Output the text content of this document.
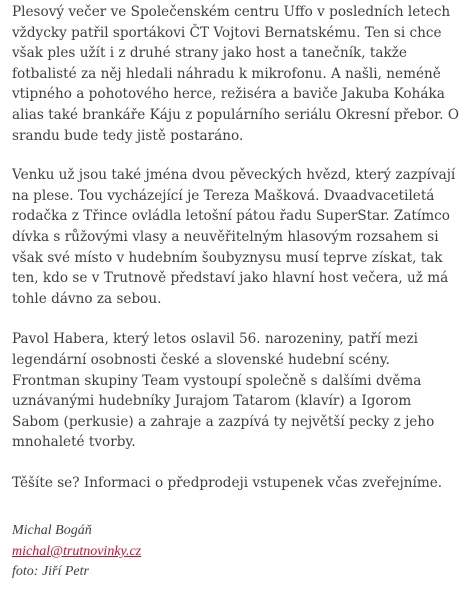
Plesový večer ve Společenském centru Uffo v posledních letech vždycky patřil sportákovi ČT Vojtovi Bernatskému. Ten si chce však ples užít i z druhé strany jako host a tanečník, takže fotbalisté za něj hledali náhradu k mikrofonu. A našli, neméně vtipného a pohotového herce, režiséra a baviče Jakuba Koháka alias také brankáře Káju z populárního seriálu Okresní přebor. O srandu bude tedy jistě postaráno.

Venku už jsou také jména dvou pěveckých hvězd, který zazpívají na plese. Tou vycházející je Tereza Mašková. Dvaadvacetiletá rodačka z Třince ovládla letošní pátou řadu SuperStar. Zatímco dívka s růžovými vlasy a neuvěřitelným hlasovým rozsahem si však své místo v hudebním šoubyznysu musí teprve získat, tak ten, kdo se v Trutnově představí jako hlavní host večera, už má tohle dávno za sebou.

Pavol Habera, který letos oslavil 56. narozeniny, patří mezi legendární osobnosti české a slovenské hudební scény. Frontman skupiny Team vystoupí společně s dalšími dvěma uznávanými hudebníky Jurajom Tatarom (klavír) a Igorom Sabom (perkusie) a zahraje a zazpívá ty největší pecky z jeho mnohaleté tvorby.

Těšíte se? Informaci o předprodeji vstupenek včas zveřejníme.

Michal Bogáň
michal@trutnovinky.cz
foto: Jiří Petr
